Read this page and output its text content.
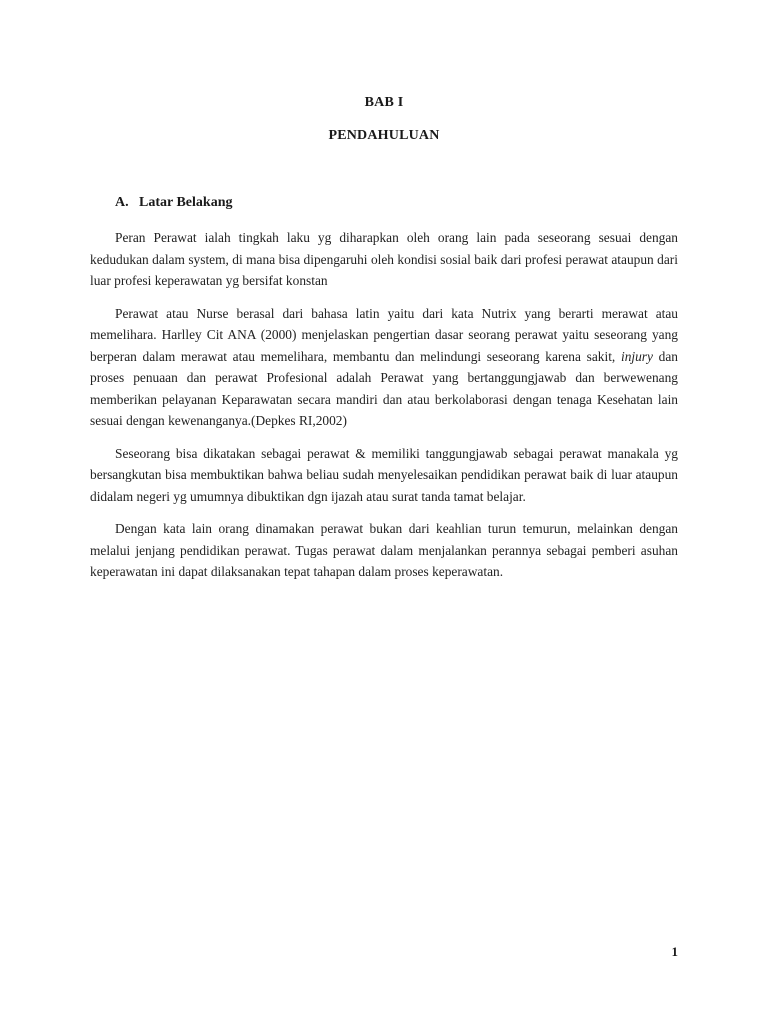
BAB I
PENDAHULUAN
A. Latar Belakang

Peran Perawat ialah tingkah laku yg diharapkan oleh orang lain pada seseorang sesuai dengan kedudukan dalam system, di mana bisa dipengaruhi oleh kondisi sosial baik dari profesi perawat ataupun dari luar profesi keperawatan yg bersifat konstan

Perawat atau Nurse berasal dari bahasa latin yaitu dari kata Nutrix yang berarti merawat atau memelihara. Harlley Cit ANA (2000) menjelaskan pengertian dasar seorang perawat yaitu seseorang yang berperan dalam merawat atau memelihara, membantu dan melindungi seseorang karena sakit, injury dan proses penuaan dan perawat Profesional adalah Perawat yang bertanggungjawab dan berwewenang memberikan pelayanan Keparawatan secara mandiri dan atau berkolaborasi dengan tenaga Kesehatan lain sesuai dengan kewenanganya.(Depkes RI,2002)

Seseorang bisa dikatakan sebagai perawat & memiliki tanggungjawab sebagai perawat manakala yg bersangkutan bisa membuktikan bahwa beliau sudah menyelesaikan pendidikan perawat baik di luar ataupun didalam negeri yg umumnya dibuktikan dgn ijazah atau surat tanda tamat belajar.

Dengan kata lain orang dinamakan perawat bukan dari keahlian turun temurun, melainkan dengan melalui jenjang pendidikan perawat. Tugas perawat dalam menjalankan perannya sebagai pemberi asuhan keperawatan ini dapat dilaksanakan tepat tahapan dalam proses keperawatan.

1
